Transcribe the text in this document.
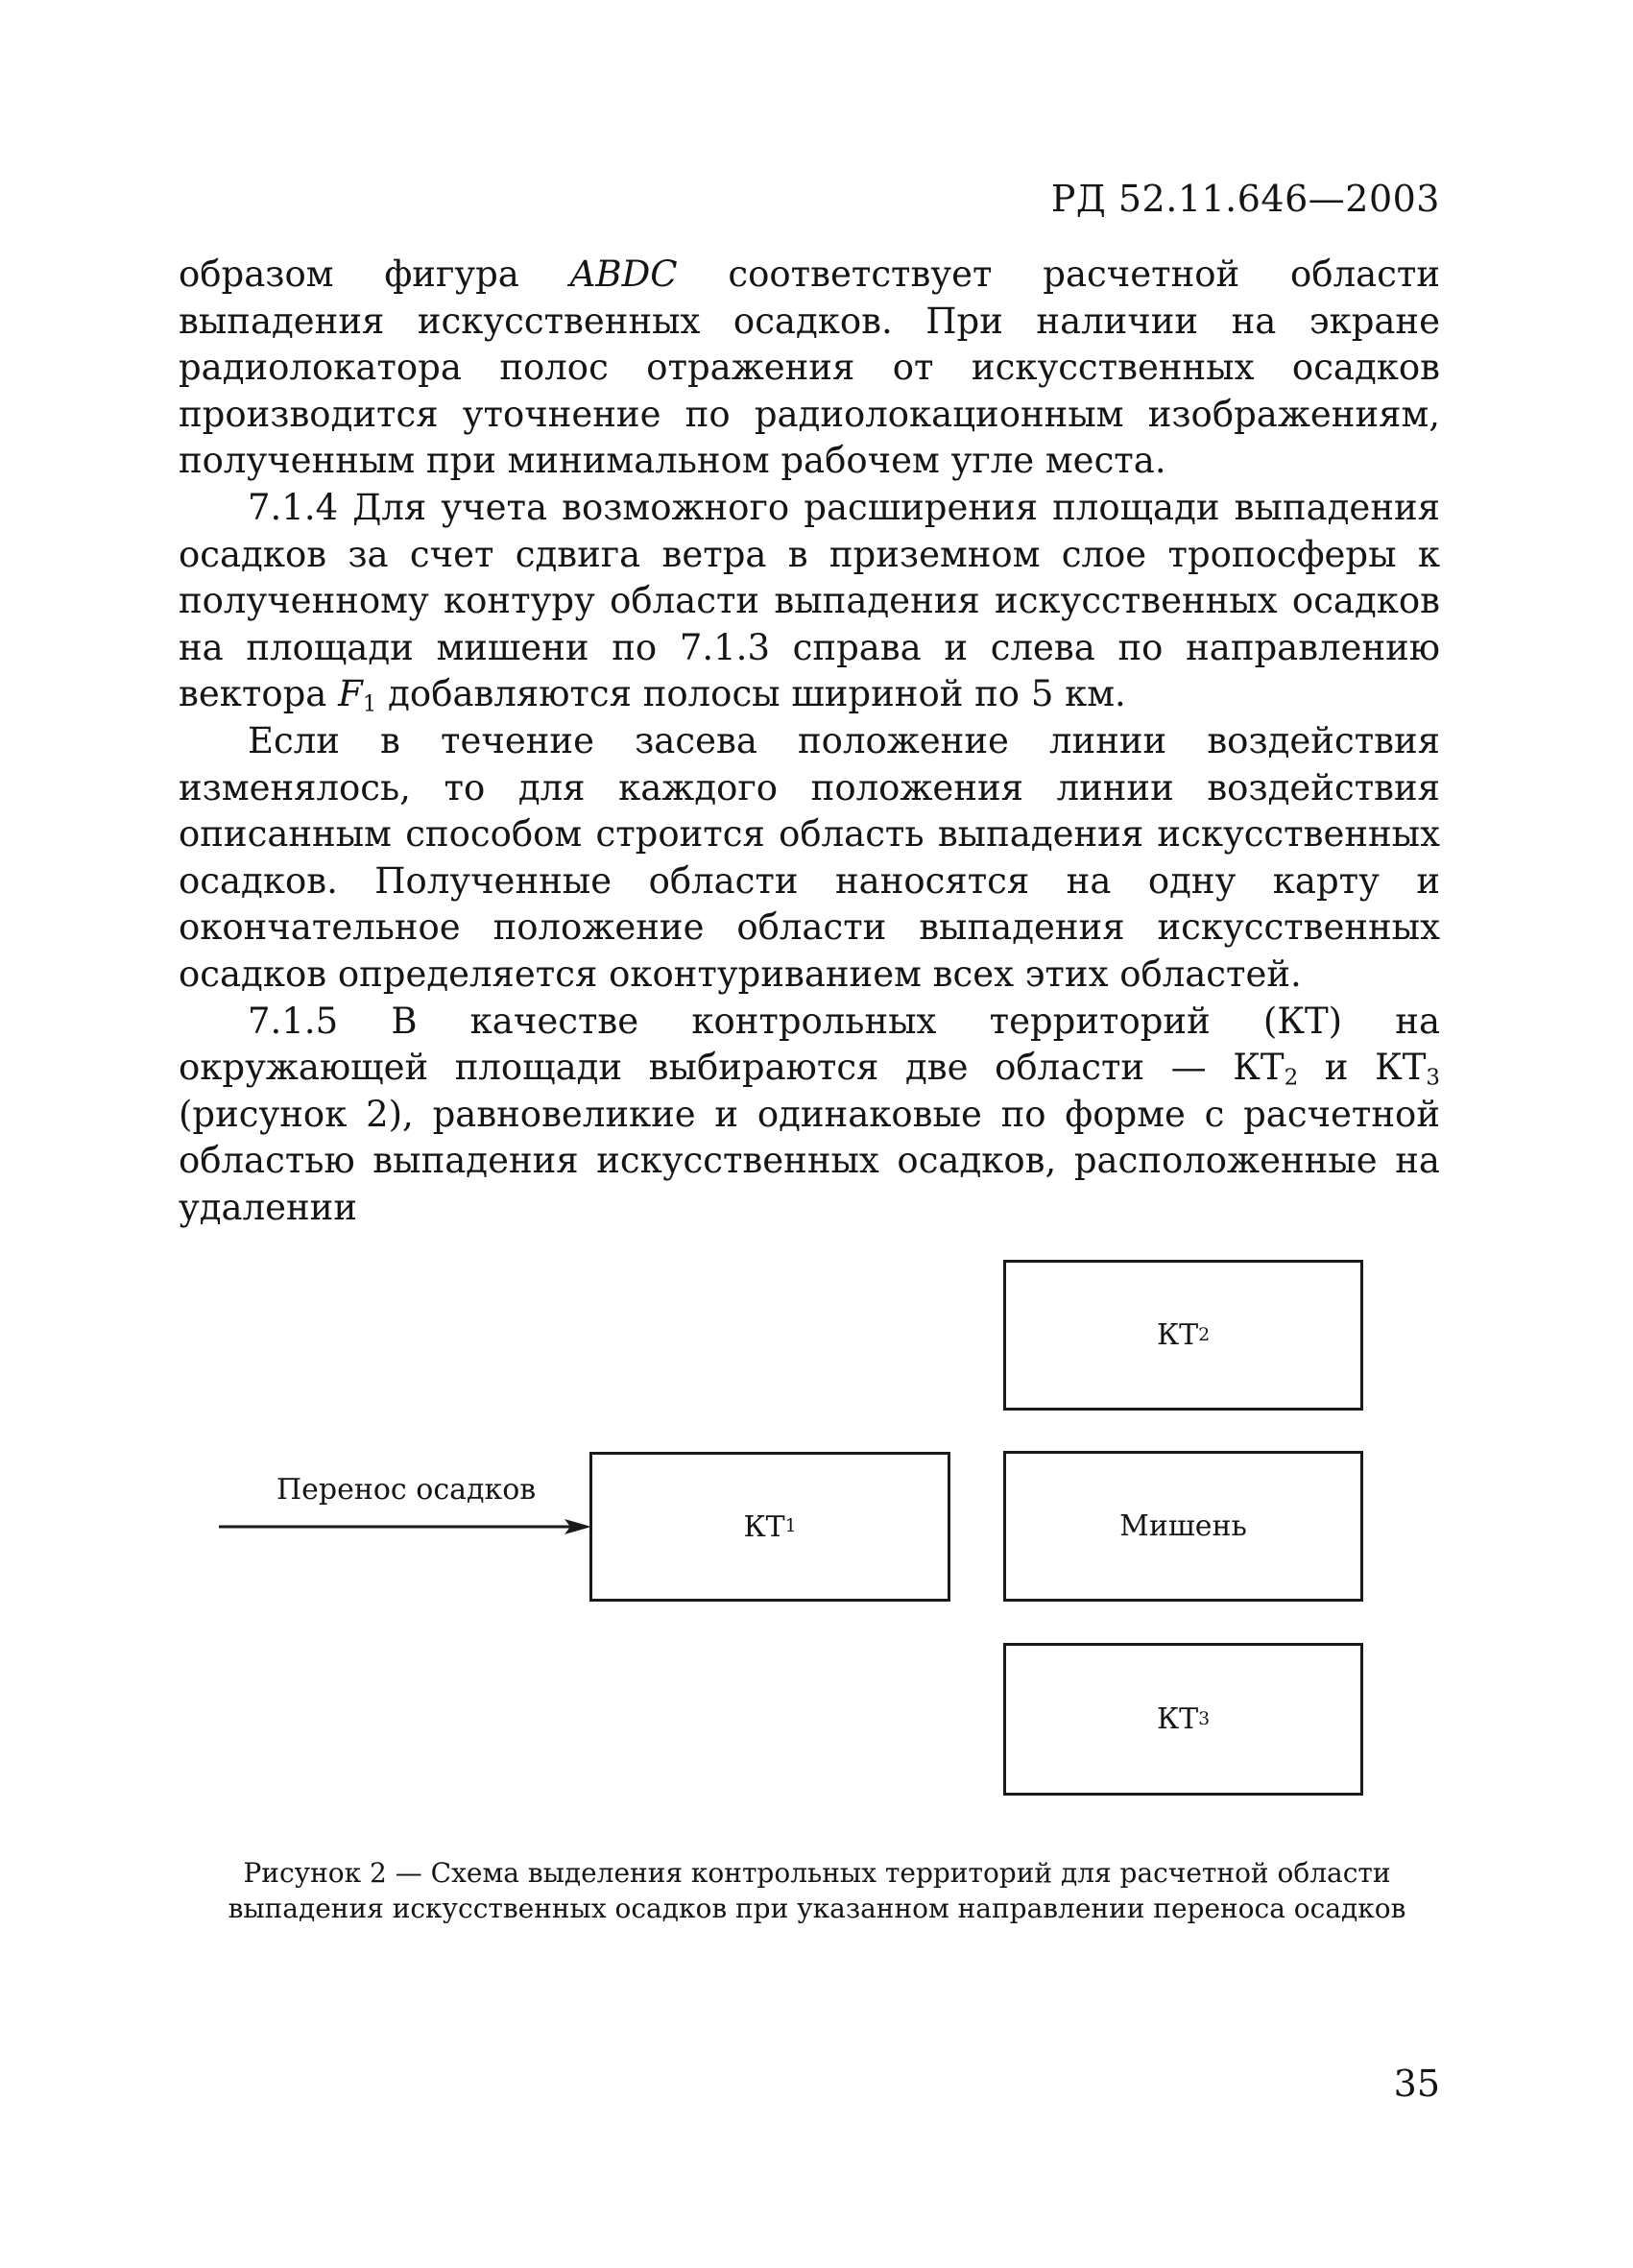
РД 52.11.646—2003

образом фигура ABDC соответствует расчетной области выпадения искусственных осадков. При наличии на экране радиолокатора полос отражения от искусственных осадков производится уточнение по радиолокационным изображениям, полученным при минимальном рабочем угле места.

7.1.4 Для учета возможного расширения площади выпадения осадков за счет сдвига ветра в приземном слое тропосферы к полученному контуру области выпадения искусственных осадков на площади мишени по 7.1.3 справа и слева по направлению вектора $F_1$ добавляются полосы шириной по 5 км.

Если в течение засева положение линии воздействия изменялось, то для каждого положения линии воздействия описанным способом строится область выпадения искусственных осадков. Полученные области наносятся на одну карту и окончательное положение области выпадения искусственных осадков определяется оконтуриванием всех этих областей.

7.1.5 В качестве контрольных территорий (КТ) на окружающей площади выбираются две области — $КТ_2$ и $КТ_3$ (рисунок 2), равновеликие и одинаковые по форме с расчетной областью выпадения искусственных осадков, расположенные на удалении

Перенос осадков
КТ 1
КТ 2
Мишень
КТ 3
Рисунок 2 — Схема выделения контрольных территорий для расчетной области выпадения искусственных осадков при указанном направлении переноса осадков
35
